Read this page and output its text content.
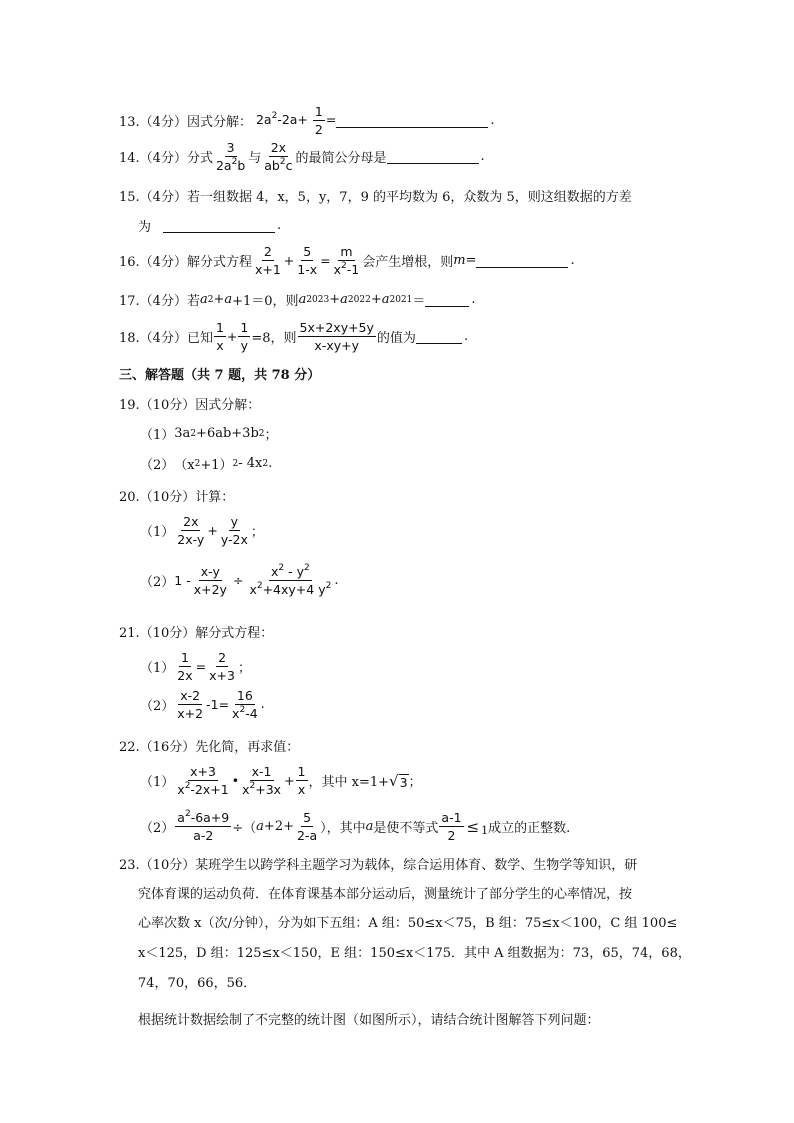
13.（4分）因式分解： $2a^2-2a+ \frac{1}{2}$ =	.
14.（4分）分式 $\frac{3}{2a^2b}$ 与 $\frac{2x}{ab^2c}$ 的最简公分母是	.
15.（4分）若一组数据 4，x，5，y，7，9 的平均数为 6，众数为 5，则这组数据的方差
为	.
16.（4分）解分式方程 $\frac{2}{x+1} + \frac{5}{1-x} = \frac{m}{x^2-1}$ 会产生增根，则 m =	.
17.（4分）若 a 2 + a +1＝0，则 a 2023 + a 2022 + a 2021 ＝	.
18.（4分）已知 $\frac{1}{x} + \frac{1}{y} =8$，则 $\frac{5x+2xy+5y}{x-xy+y}$ 的值为	.
三、解答题（共 7 题，共 78 分）
19.（10分）因式分解：
（1） 3a 2 +6ab+3b 2 ；
（2） （x 2 +1） 2 - 4x 2 .
20.（10分）计算：
$(1) \frac{2x}{2x-y} + \frac{y}{y-2x}$ ；
（2） $1 - \frac{x-y}{x+2y} \div \frac{x^2 - y^2}{x^2+4xy+4 y^2}$ .
21.（10分）解分式方程：
$(1) \frac{1}{2x} = \frac{2}{x+3}$ ；
$(2) \frac{x-2}{x+2} -1= \frac{16}{x^2-4}$ .
22.（16分）先化简，再求值：
$(1) \frac{x+3}{x^2-2x+1}$ • $\frac{x-1}{x^2+3x} + \frac{1}{x}$ ，其中 x=1+ √ 3 ；
$(2) \frac{a^2-6a+9}{a-2}$ ÷（ $a +2+ \frac{5}{2-a}$ ），其中 a 是使不等式 $\frac{a-1}{2} \le 1$ 成立的正整数.
23.（10分）某班学生以跨学科主题学习为载体，综合运用体育、数学、生物学等知识，研
究体育课的运动负荷．在体育课基本部分运动后，测量统计了部分学生的心率情况，按
心率次数 x（次/分钟），分为如下五组：A 组：50≤x＜75，B 组：75≤x＜100，C 组 100≤
x＜125，D 组：125≤x＜150，E 组：150≤x＜175．其中 A 组数据为：73，65，74，68，
74，70，66，56．
根据统计数据绘制了不完整的统计图（如图所示），请结合统计图解答下列问题：
